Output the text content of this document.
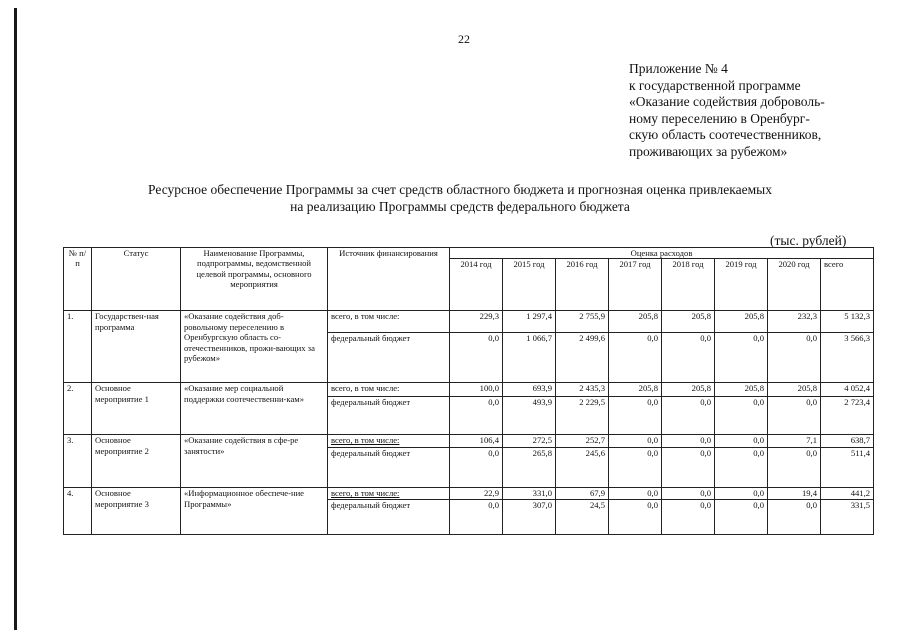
22
Приложение № 4
к государственной программе
«Оказание содействия доброволь-
ному переселению в Оренбург-
скую область соотечественников,
проживающих за рубежом»
Ресурсное обеспечение Программы за счет средств областного бюджета и прогнозная оценка привлекаемых
на реализацию Программы средств федерального бюджета
(тыс. рублей)
№ п/п	Статус	Наименование Программы, подпрограммы, ведомственной целевой программы, основного мероприятия	Источник финансирования	Оценка расходов							
				2014 год	2015 год	2016 год	2017 год	2018 год	2019 год	2020 год	всего
1.	Государствен-ная программа	«Оказание содействия доб-ровольному переселению в Оренбургскую область со-отечественников, прожи-вающих за рубежом»	всего, в том числе:	229,3	1 297,4	2 755,9	205,8	205,8	205,8	232,3	5 132,3
			федеральный бюджет	0,0	1 066,7	2 499,6	0,0	0,0	0,0	0,0	3 566,3
2.	Основное мероприятие 1	«Оказание мер социальной поддержки соотечественни-кам»	всего, в том числе:	100,0	693,9	2 435,3	205,8	205,8	205,8	205,8	4 052,4
			федеральный бюджет	0,0	493,9	2 229,5	0,0	0,0	0,0	0,0	2 723,4
3.	Основное мероприятие 2	«Оказание содействия в сфе-ре занятости»	всего, в том числе:	106,4	272,5	252,7	0,0	0,0	0,0	7,1	638,7
			федеральный бюджет	0,0	265,8	245,6	0,0	0,0	0,0	0,0	511,4
4.	Основное мероприятие 3	«Информационное обеспече-ние Программы»	всего, в том числе:	22,9	331,0	67,9	0,0	0,0	0,0	19,4	441,2
			федеральный бюджет	0,0	307,0	24,5	0,0	0,0	0,0	0,0	331,5
